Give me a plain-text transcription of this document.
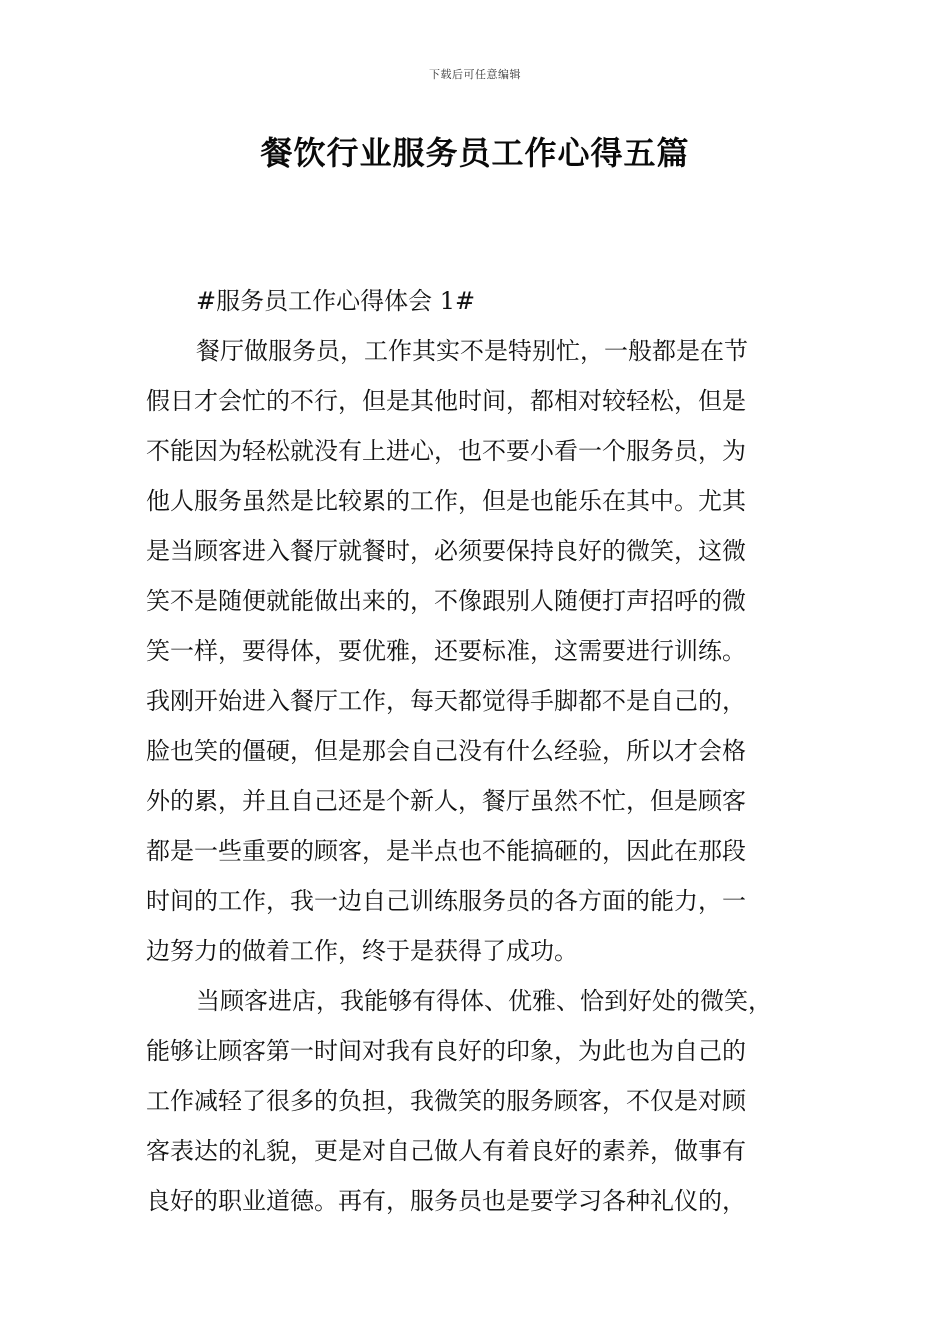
下载后可任意编辑
餐饮行业服务员工作心得五篇
#服务员工作心得体会 1#
餐厅做服务员，工作其实不是特别忙，一般都是在节
假日才会忙的不行，但是其他时间，都相对较轻松，但是
不能因为轻松就没有上进心，也不要小看一个服务员，为
他人服务虽然是比较累的工作，但是也能乐在其中。尤其
是当顾客进入餐厅就餐时，必须要保持良好的微笑，这微
笑不是随便就能做出来的，不像跟别人随便打声招呼的微
笑一样，要得体，要优雅，还要标准，这需要进行训练。
我刚开始进入餐厅工作，每天都觉得手脚都不是自己的，
脸也笑的僵硬，但是那会自己没有什么经验，所以才会格
外的累，并且自己还是个新人，餐厅虽然不忙，但是顾客
都是一些重要的顾客，是半点也不能搞砸的，因此在那段
时间的工作，我一边自己训练服务员的各方面的能力，一
边努力的做着工作，终于是获得了成功。
当顾客进店，我能够有得体、优雅、恰到好处的微笑，
能够让顾客第一时间对我有良好的印象，为此也为自己的
工作减轻了很多的负担，我微笑的服务顾客，不仅是对顾
客表达的礼貌，更是对自己做人有着良好的素养，做事有
良好的职业道德。再有，服务员也是要学习各种礼仪的，
